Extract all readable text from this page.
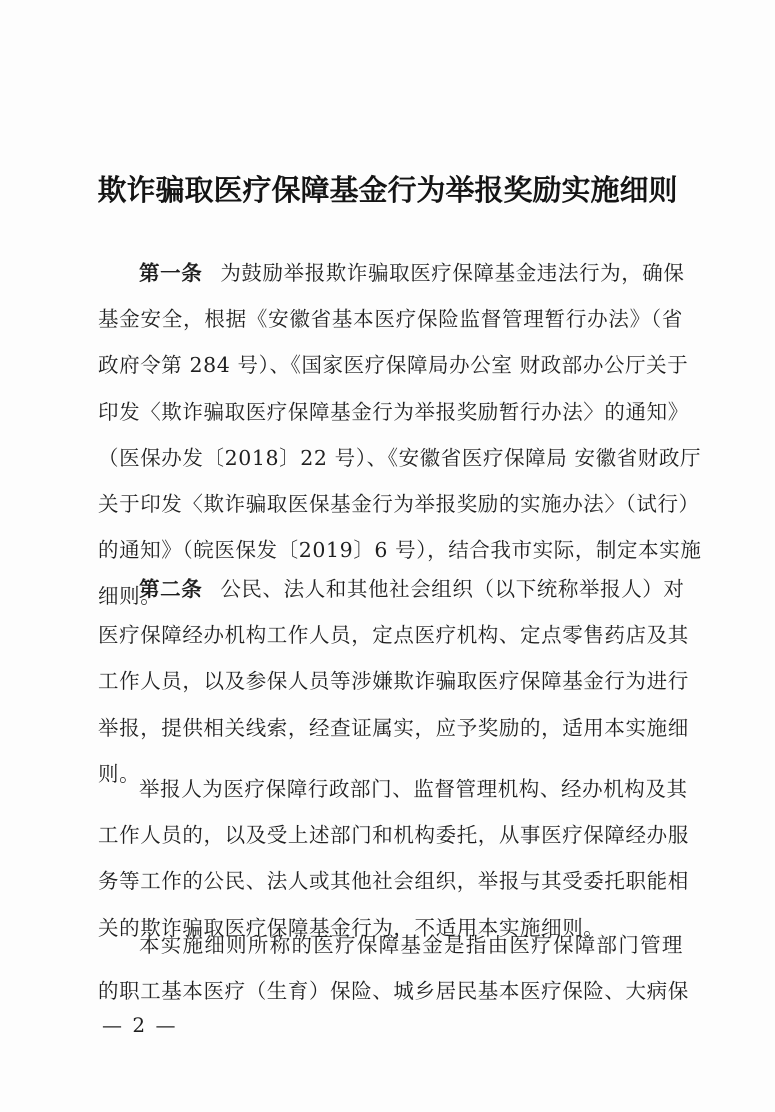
欺诈骗取医疗保障基金行为举报奖励实施细则
第一条 为鼓励举报欺诈骗取医疗保障基金违法行为，确保
基金安全，根据《安徽省基本医疗保险监督管理暂行办法》（省
政府令第 284 号）、《国家医疗保障局办公室 财政部办公厅关于
印发〈欺诈骗取医疗保障基金行为举报奖励暂行办法〉的通知》
（医保办发〔2018〕22 号）、《安徽省医疗保障局 安徽省财政厅
关于印发〈欺诈骗取医保基金行为举报奖励的实施办法〉（试行）
的通知》（皖医保发〔2019〕6 号），结合我市实际，制定本实施
细则。
第二条 公民、法人和其他社会组织（以下统称举报人）对
医疗保障经办机构工作人员，定点医疗机构、定点零售药店及其
工作人员，以及参保人员等涉嫌欺诈骗取医疗保障基金行为进行
举报，提供相关线索，经查证属实，应予奖励的，适用本实施细
则。
举报人为医疗保障行政部门、监督管理机构、经办机构及其
工作人员的，以及受上述部门和机构委托，从事医疗保障经办服
务等工作的公民、法人或其他社会组织，举报与其受委托职能相
关的欺诈骗取医疗保障基金行为，不适用本实施细则。
本实施细则所称的医疗保障基金是指由医疗保障部门管理
的职工基本医疗（生育）保险、城乡居民基本医疗保险、大病保
— 2 —
